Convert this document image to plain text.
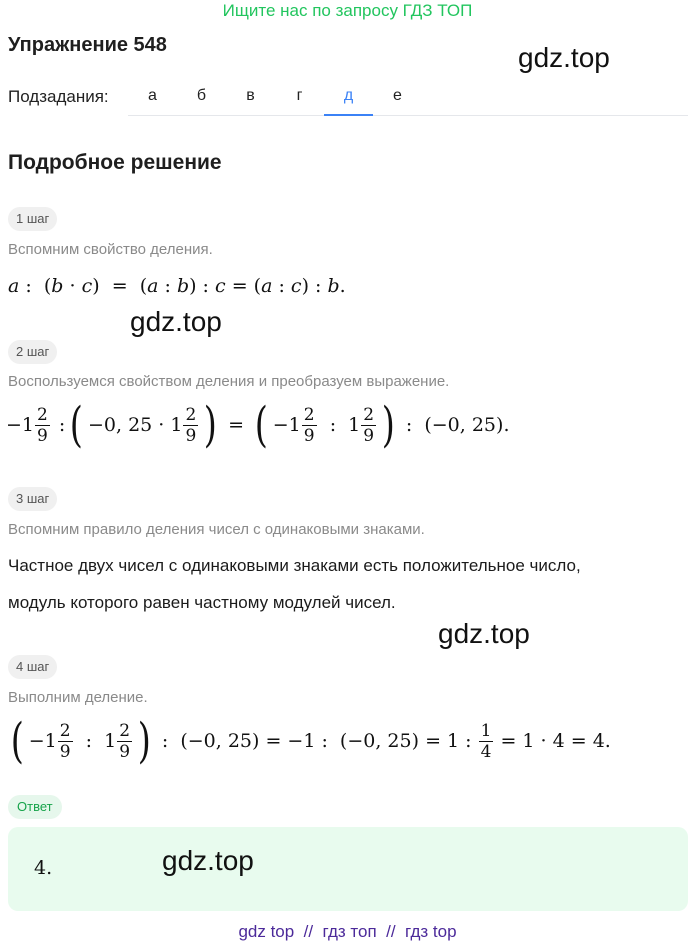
Ищите нас по запросу ГДЗ ТОП
Упражнение 548	gdz.top
Подзадания:	а	б	в	г	д	е
Подробное решение
1 шаг
Вспомним свойство деления.
a :  ( b · c )  =  ( a : b ) : c = ( a : c ) : b .
gdz.top
2 шаг
Воспользуемся свойством деления и преобразуем выражение.
$-1 \frac{2}{9}$ : ( −0, $25 \cdot 1 \frac{2}{9}$ ) = ( $-1 \frac{2}{9}$ :  $1 \frac{2}{9}$ ) :  (−0, 25).
3 шаг
Вспомним правило деления чисел с одинаковыми знаками.
Частное двух чисел с одинаковыми знаками есть положительное число,
модуль которого равен частному модулей чисел.
gdz.top
4 шаг
Выполним деление.
( $-1 \frac{2}{9}$ :  $1 \frac{2}{9}$ ) :  (−0, 25) = −1 :  (−0, 25) = 1 : $\frac{1}{4} = 1 \cdot 4 = 4$.
Ответ
4.	gdz.top
gdz top  //  гдз топ  //  гдз top
